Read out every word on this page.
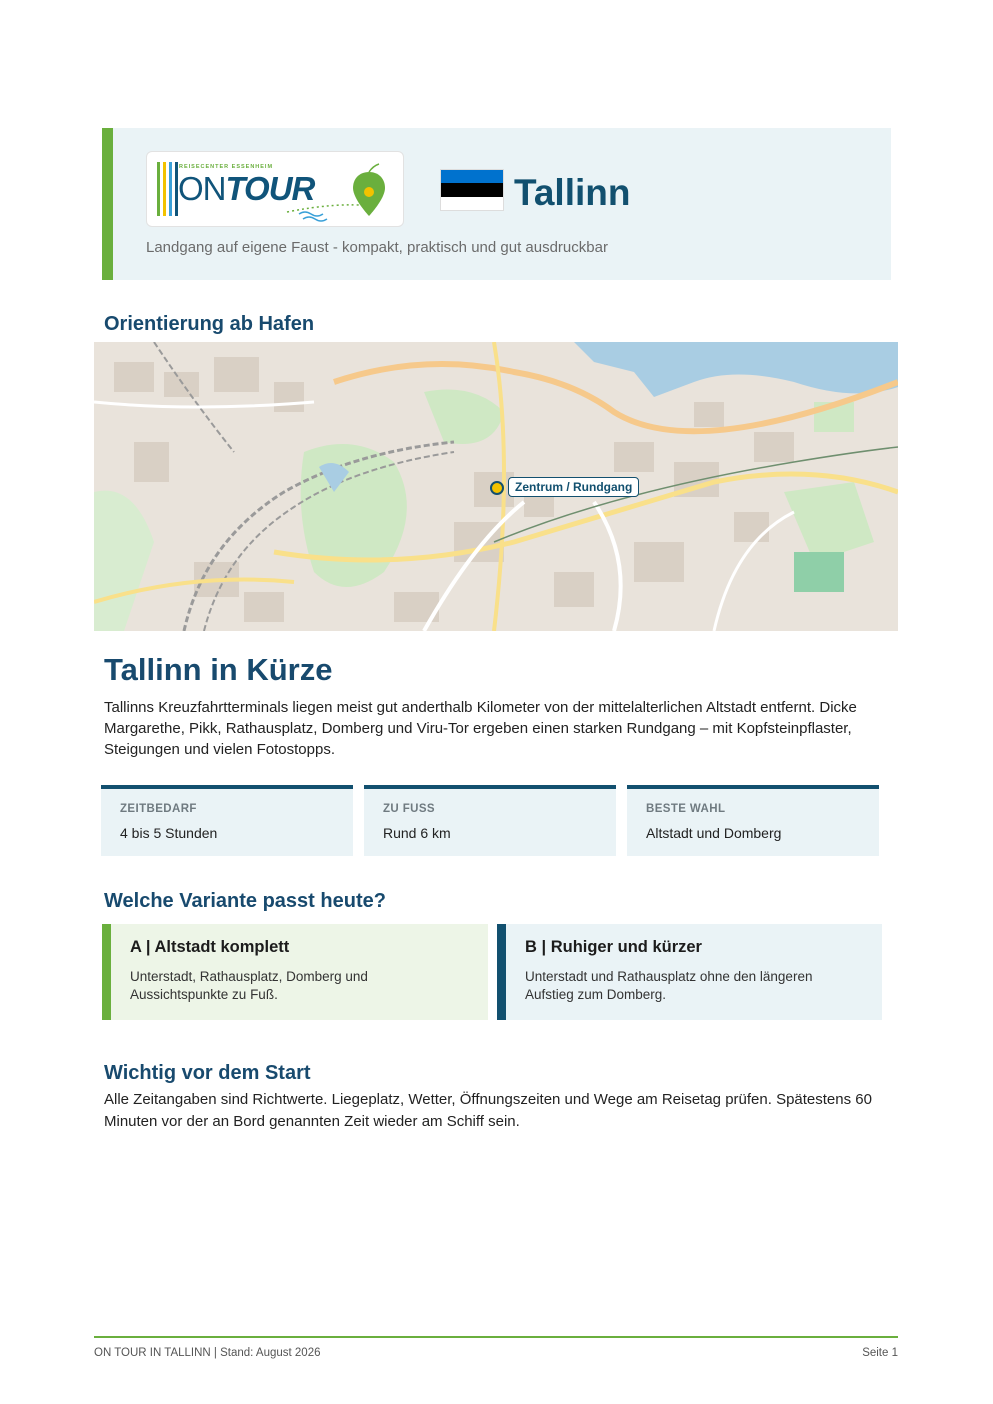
REISECENTER ESSENHEIM
ONTOUR	Tallinn

Landgang auf eigene Faust - kompakt, praktisch und gut ausdruckbar

Orientierung ab Hafen
Zentrum / Rundgang
Tallinn in Kürze

Tallinns Kreuzfahrtterminals liegen meist gut anderthalb Kilometer von der mittelalterlichen Altstadt entfernt. Dicke Margarethe, Pikk, Rathausplatz, Domberg und Viru-Tor ergeben einen starken Rundgang – mit Kopfsteinpflaster, Steigungen und vielen Fotostopps.

ZEITBEDARF

4 bis 5 Stunden

ZU FUSS

Rund 6 km

BESTE WAHL

Altstadt und Domberg

Welche Variante passt heute?

A | Altstadt komplett

Unterstadt, Rathausplatz, Domberg und Aussichtspunkte zu Fuß.

B | Ruhiger und kürzer

Unterstadt und Rathausplatz ohne den längeren Aufstieg zum Domberg.

Wichtig vor dem Start

Alle Zeitangaben sind Richtwerte. Liegeplatz, Wetter, Öffnungszeiten und Wege am Reisetag prüfen. Spätestens 60 Minuten vor der an Bord genannten Zeit wieder am Schiff sein.

ON TOUR IN TALLINN | Stand: August 2026	Seite 1
